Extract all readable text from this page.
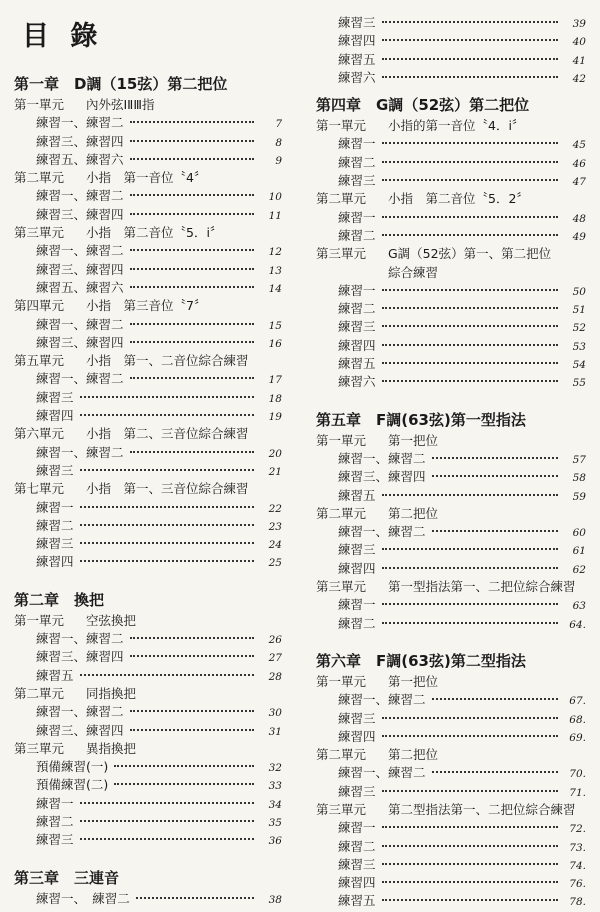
目 錄
第一章　D調（15弦）第二把位
第一單元 內外弦ⅠⅡⅢ指
練習一、練習二	7
練習三、練習四	8
練習五、練習六	9
第二單元 小指　第一音位〝4〞
練習一、練習二	10
練習三、練習四	11
第三單元 小指　第二音位〝5．i〞
練習一、練習二	12
練習三、練習四	13
練習五、練習六	14
第四單元 小指　第三音位〝7〞
練習一、練習二	15
練習三、練習四	16
第五單元 小指　第一、二音位綜合練習
練習一、練習二	17
練習三	18
練習四	19
第六單元 小指　第二、三音位綜合練習
練習一、練習二	20
練習三	21
第七單元 小指　第一、三音位綜合練習
練習一	22
練習二	23
練習三	24
練習四	25
第二章　換把
第一單元 空弦換把
練習一、練習二	26
練習三、練習四	27
練習五	28
第二單元 同指換把
練習一、練習二	30
練習三、練習四	31
第三單元 異指換把
預備練習(一)	32
預備練習(二)	33
練習一	34
練習二	35
練習三	36
第三章　三連音
練習一、　練習二	38
練習三	39
練習四	40
練習五	41
練習六	42
第四章　G調（52弦）第二把位
第一單元 小指的第一音位〝4．i〞
練習一	45
練習二	46
練習三	47
第二單元 小指　第二音位〝5．2〞
練習一	48
練習二	49
第三單元 G調（52弦）第一、第二把位
綜合練習
練習一	50
練習二	51
練習三	52
練習四	53
練習五	54
練習六	55
第五章　F調(63弦)第一型指法
第一單元 第一把位
練習一、練習二	57
練習三、練習四	58
練習五	59
第二單元 第二把位
練習一、練習二	60
練習三	61
練習四	62
第三單元 第一型指法第一、二把位綜合練習
練習一	63
練習二	64.
第六章　F調(63弦)第二型指法
第一單元 第一把位
練習一、練習二	67.
練習三	68.
練習四	69.
第二單元 第二把位
練習一、練習二	70.
練習三	71.
第三單元 第二型指法第一、二把位綜合練習
練習一	72.
練習二	73.
練習三	74.
練習四	76.
練習五	78.
